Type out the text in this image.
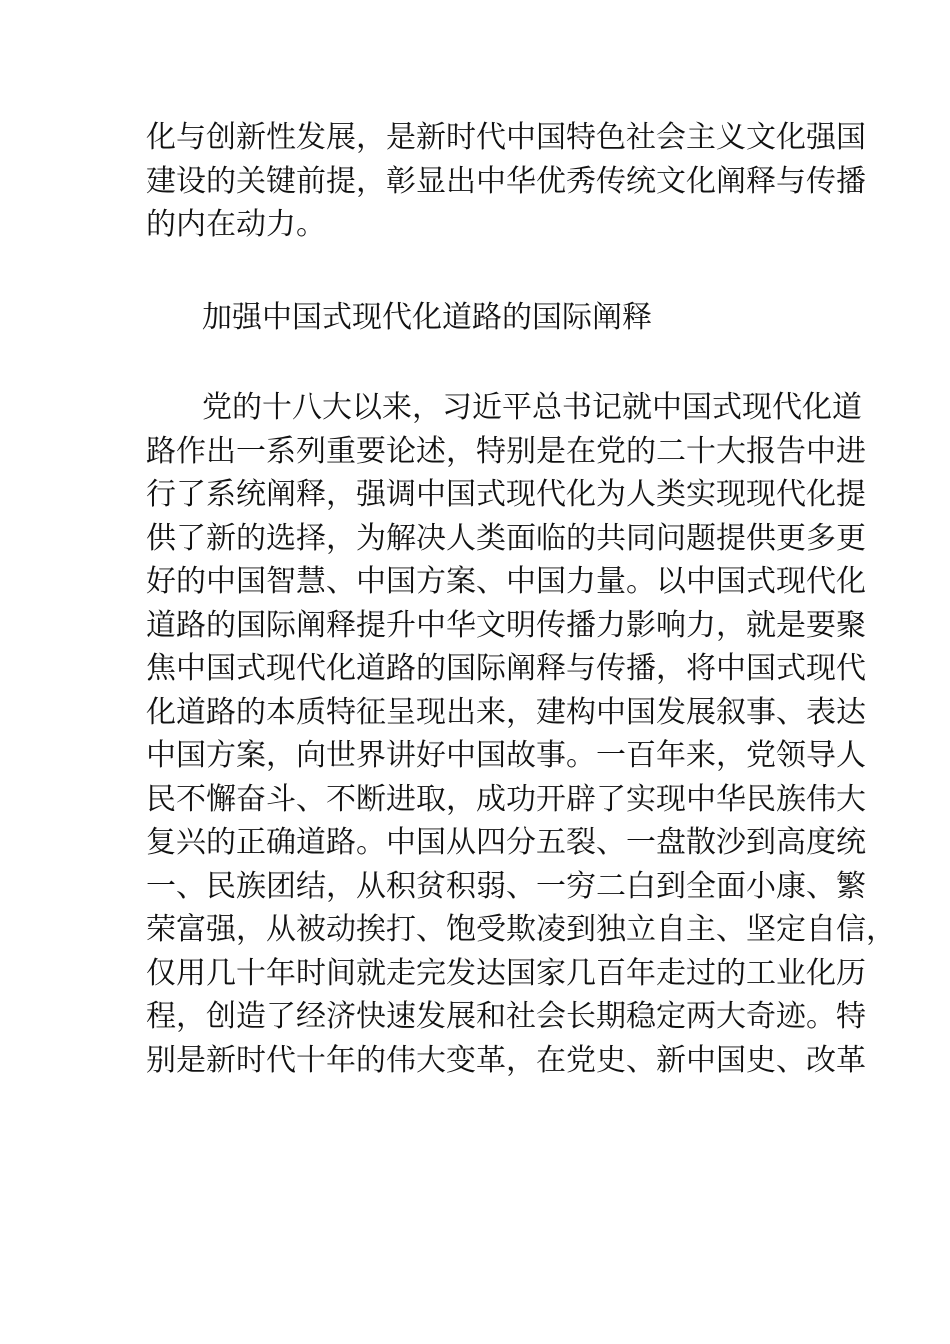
化与创新性发展，是新时代中国特色社会主义文化强国
建设的关键前提，彰显出中华优秀传统文化阐释与传播
的内在动力。
加强中国式现代化道路的国际阐释
党的十八大以来，习近平总书记就中国式现代化道
路作出一系列重要论述，特别是在党的二十大报告中进
行了系统阐释，强调中国式现代化为人类实现现代化提
供了新的选择，为解决人类面临的共同问题提供更多更
好的中国智慧、中国方案、中国力量。以中国式现代化
道路的国际阐释提升中华文明传播力影响力，就是要聚
焦中国式现代化道路的国际阐释与传播，将中国式现代
化道路的本质特征呈现出来，建构中国发展叙事、表达
中国方案，向世界讲好中国故事。一百年来，党领导人
民不懈奋斗、不断进取，成功开辟了实现中华民族伟大
复兴的正确道路。中国从四分五裂、一盘散沙到高度统
一、民族团结，从积贫积弱、一穷二白到全面小康、繁
荣富强，从被动挨打、饱受欺凌到独立自主、坚定自信，
仅用几十年时间就走完发达国家几百年走过的工业化历
程，创造了经济快速发展和社会长期稳定两大奇迹。特
别是新时代十年的伟大变革，在党史、新中国史、改革
